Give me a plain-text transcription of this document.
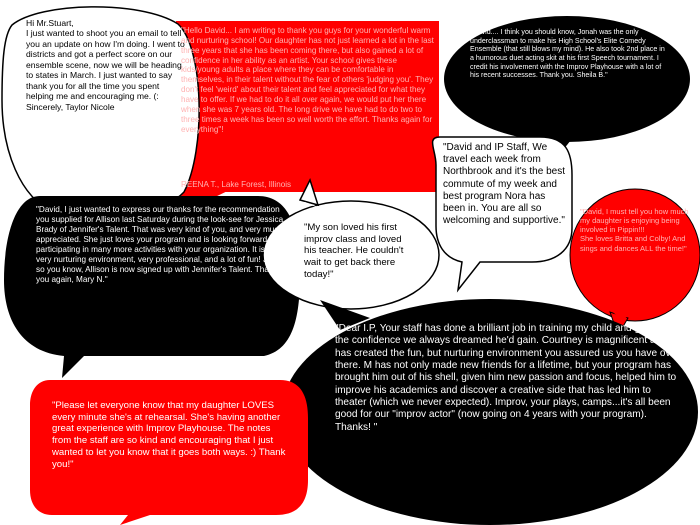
Hi Mr.Stuart,
I just wanted to shoot you an email to tell you an update on how I'm doing. I went to districts and got a perfect score on our ensemble scene, now we will be heading to states in March. I just wanted to say thank you for all the time you spent helping me and encouraging me. (:
Sincerely, Taylor Nicole

"Hello David... I am writing to thank you guys for your wonderful warm and nurturing school! Our daughter has not just learned a lot in the last three years that she has been coming there, but also gained a lot of confidence in her ability as an artist. Your school gives these kids/young adults a place where they can be comfortable in themselves, in their talent without the fear of others 'judging you'. They don't feel 'weird' about their talent and feel appreciated for what they have to offer. If we had to do it all over again, we would put her there when she was 7 years old. The long drive we have had to do two to three times a week has been so well worth the effort. Thanks again for everything"!

REENA T., Lake Forest, Illinois

"David.... I think you should know, Jonah was the only underclassman to make his High School's Elite Comedy Ensemble (that still blows my mind). He also took 2nd place in a humorous duet acting skit at his first Speech tournament. I credit his involvement with the Improv Playhouse with a lot of his recent successes. Thank you. Sheila B."

"David, I just wanted to express our thanks for the recommendation you supplied for Allison last Saturday during the look-see for Jessica Brady of Jennifer's Talent. That was very kind of you, and very much appreciated. She just loves your program and is looking forward to participating in many more activities with your organization. It is a very nurturing environment, very professional, and a lot of fun! Just so you know, Allison is now signed up with Jennifer's Talent. Thank you again, Mary N."

"My son loved his first improv class and loved his teacher. He couldn't wait to get back there today!"

"David and IP Staff, We travel each week from Northbrook and it's the best commute of my week and best program Nora has been in. You are all so welcoming and supportive."

"David, I must tell you how much my daughter is enjoying being involved in Pippin!!!
She loves Britta and Colby! And sings and dances ALL the time!"

"Dear I.P, Your staff has done a brilliant job in training my child and giving him the confidence we always dreamed he'd gain. Courtney is magnificent and has created the fun, but nurturing environment you assured us you have over there. M has not only made new friends for a lifetime, but your program has brought him out of his shell, given him new passion and focus, helped him to improve his academics and discover a creative side that has led him to theater (which we never expected). Improv, your plays, camps...it's all been good for our "improv actor" (now going on 4 years with your program). Thanks! "

"Please let everyone know that my daughter LOVES every minute she's at rehearsal. She's having another great experience with Improv Playhouse. The notes from the staff are so kind and encouraging that I just wanted to let you know that it goes both ways. :) Thank you!"
